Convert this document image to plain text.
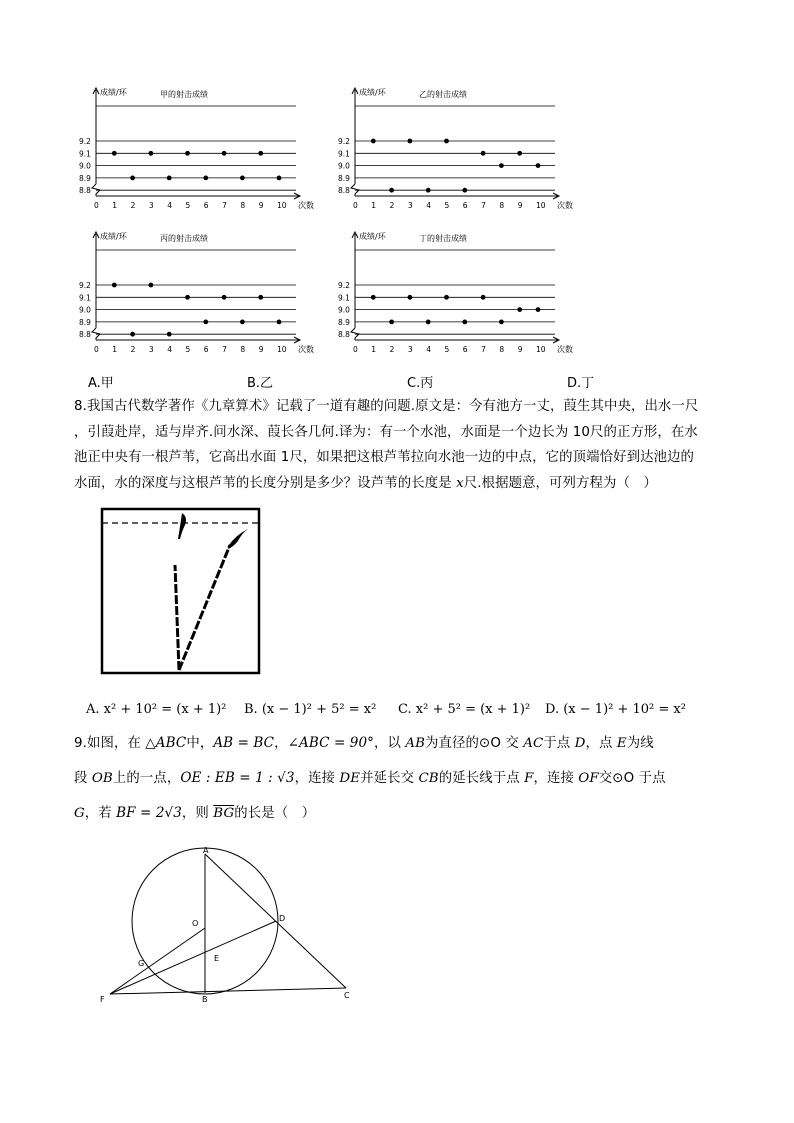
甲的射击成绩
成绩/环
9.2
9.1
9.0
8.9
8.8
0 1 2 3 4 5 6 7 8 9 10 次数
乙的射击成绩
成绩/环
9.2
9.1
9.0
8.9
8.8
0 1 2 3 4 5 6 7 8 9 10 次数
丙的射击成绩
成绩/环
9.2
9.1
9.0
8.9
8.8
0 1 2 3 4 5 6 7 8 9 10 次数
丁的射击成绩
成绩/环
9.2
9.1
9.0
8.9
8.8
0 1 2 3 4 5 6 7 8 9 10 次数
A.甲	B.乙	C.丙	D.丁
8.我国古代数学著作《九章算术》记载了一道有趣的问题.原文是：今有池方一丈，葭生其中央，出水一尺
，引葭赴岸，适与岸齐.问水深、葭长各几何.译为：有一个水池，水面是一个边长为 10尺的正方形，在水
池正中央有一根芦苇，它高出水面 1尺，如果把这根芦苇拉向水池一边的中点，它的顶端恰好到达池边的
水面，水的深度与这根芦苇的长度分别是多少？设芦苇的长度是 x尺.根据题意，可列方程为（　）
A. x² + 10² = (x + 1)² B. (x − 1)² + 5² = x² C. x² + 5² = (x + 1)² D. (x − 1)² + 10² = x²
9.如图，在 △ABC中，AB = BC，∠ABC = 90°，以 AB为直径的⊙O 交 AC于点 D，点 E为线
段 OB上的一点，OE : EB = 1 : √3，连接 DE并延长交 CB的延长线于点 F，连接 OF交⊙O 于点
G，若 BF = 2√3，则 $\overline{BG}$的长是（　）
A
O
D
G
E
F	B	C
